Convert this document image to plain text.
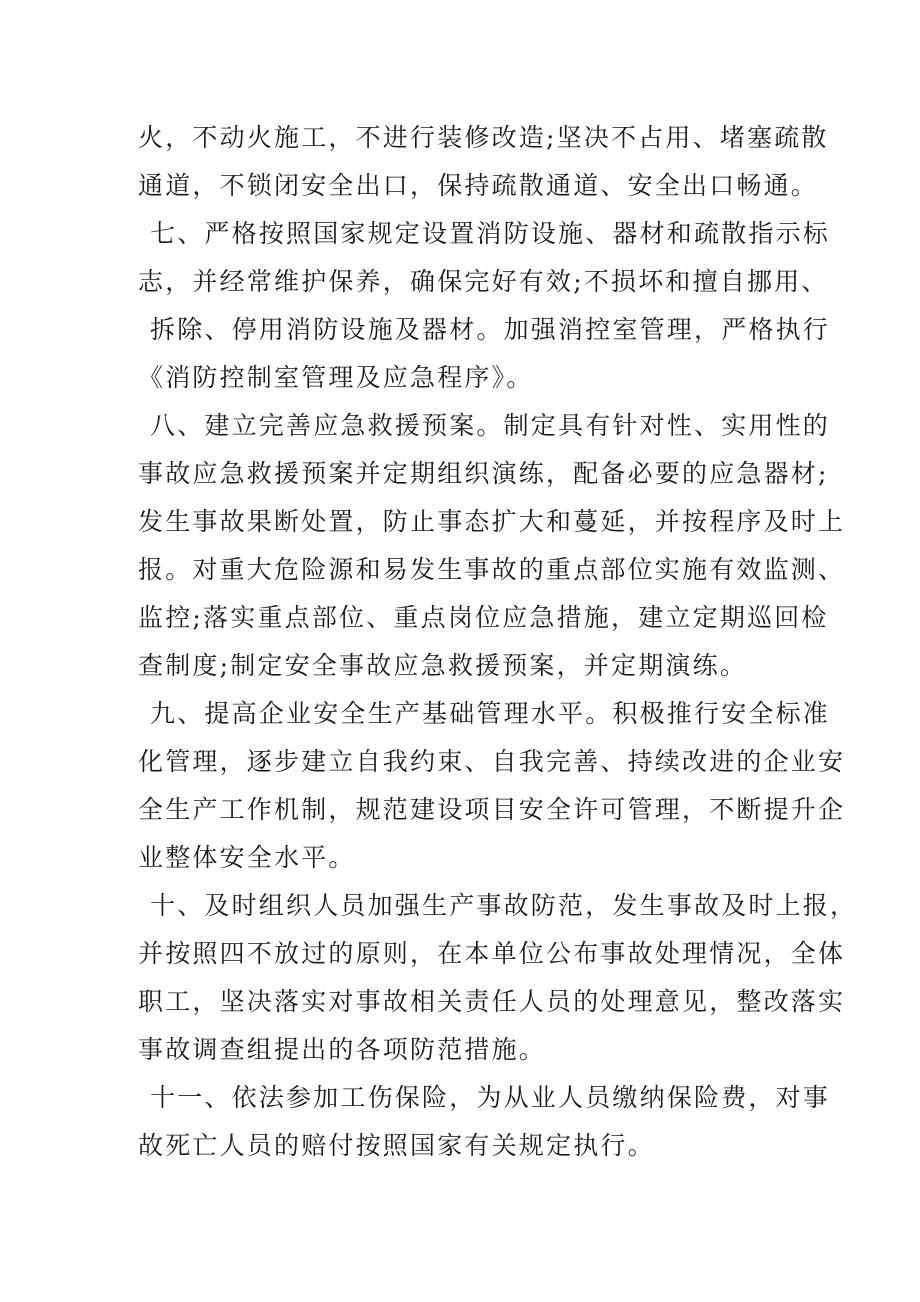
火，不动火施工，不进行装修改造;坚决不占用、堵塞疏散
通道，不锁闭安全出口，保持疏散通道、安全出口畅通。
七、严格按照国家规定设置消防设施、器材和疏散指示标
志，并经常维护保养，确保完好有效;不损坏和擅自挪用、
拆除、停用消防设施及器材。加强消控室管理，严格执行
《消防控制室管理及应急程序》。
八、建立完善应急救援预案。制定具有针对性、实用性的
事故应急救援预案并定期组织演练，配备必要的应急器材;
发生事故果断处置，防止事态扩大和蔓延，并按程序及时上
报。对重大危险源和易发生事故的重点部位实施有效监测、
监控;落实重点部位、重点岗位应急措施，建立定期巡回检
查制度;制定安全事故应急救援预案，并定期演练。
九、提高企业安全生产基础管理水平。积极推行安全标准
化管理，逐步建立自我约束、自我完善、持续改进的企业安
全生产工作机制，规范建设项目安全许可管理，不断提升企
业整体安全水平。
十、及时组织人员加强生产事故防范，发生事故及时上报，
并按照四不放过的原则，在本单位公布事故处理情况，全体
职工，坚决落实对事故相关责任人员的处理意见，整改落实
事故调查组提出的各项防范措施。
十一、依法参加工伤保险，为从业人员缴纳保险费，对事
故死亡人员的赔付按照国家有关规定执行。
